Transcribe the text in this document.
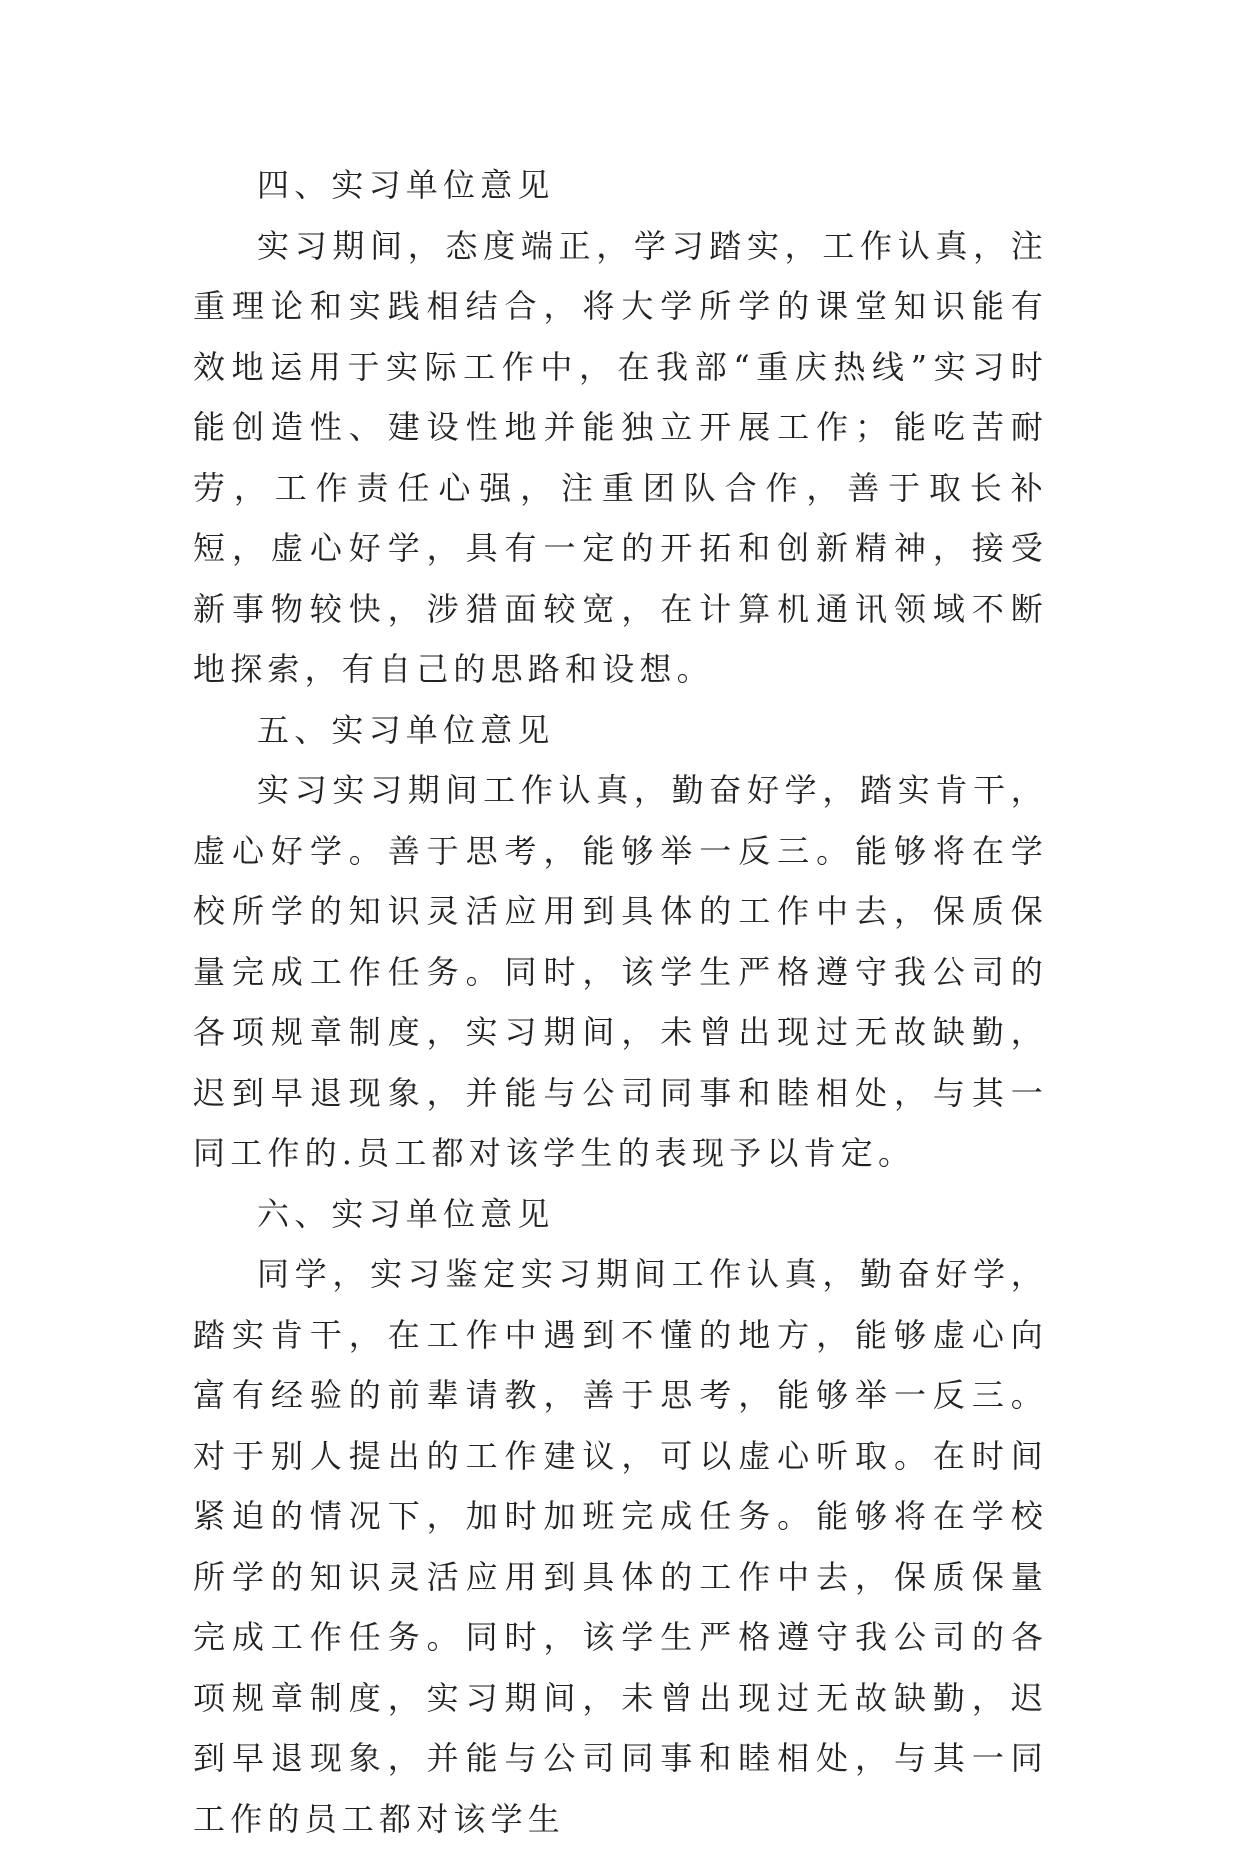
四、实习单位意见

实习期间，态度端正，学习踏实，工作认真，注重理论和实践相结合，将大学所学的课堂知识能有效地运用于实际工作中，在我部“重庆热线”实习时能创造性、建设性地并能独立开展工作；能吃苦耐劳，工作责任心强，注重团队合作，善于取长补短，虚心好学，具有一定的开拓和创新精神，接受新事物较快，涉猎面较宽，在计算机通讯领域不断地探索，有自己的思路和设想。

五、实习单位意见

实习实习期间工作认真，勤奋好学，踏实肯干，虚心好学。善于思考，能够举一反三。能够将在学校所学的知识灵活应用到具体的工作中去，保质保量完成工作任务。同时，该学生严格遵守我公司的各项规章制度，实习期间，未曾出现过无故缺勤，迟到早退现象，并能与公司同事和睦相处，与其一同工作的.员工都对该学生的表现予以肯定。

六、实习单位意见

同学，实习鉴定实习期间工作认真，勤奋好学，踏实肯干，在工作中遇到不懂的地方，能够虚心向富有经验的前辈请教，善于思考，能够举一反三。对于别人提出的工作建议，可以虚心听取。在时间紧迫的情况下，加时加班完成任务。能够将在学校所学的知识灵活应用到具体的工作中去，保质保量完成工作任务。同时，该学生严格遵守我公司的各项规章制度，实习期间，未曾出现过无故缺勤，迟到早退现象，并能与公司同事和睦相处，与其一同工作的员工都对该学生
